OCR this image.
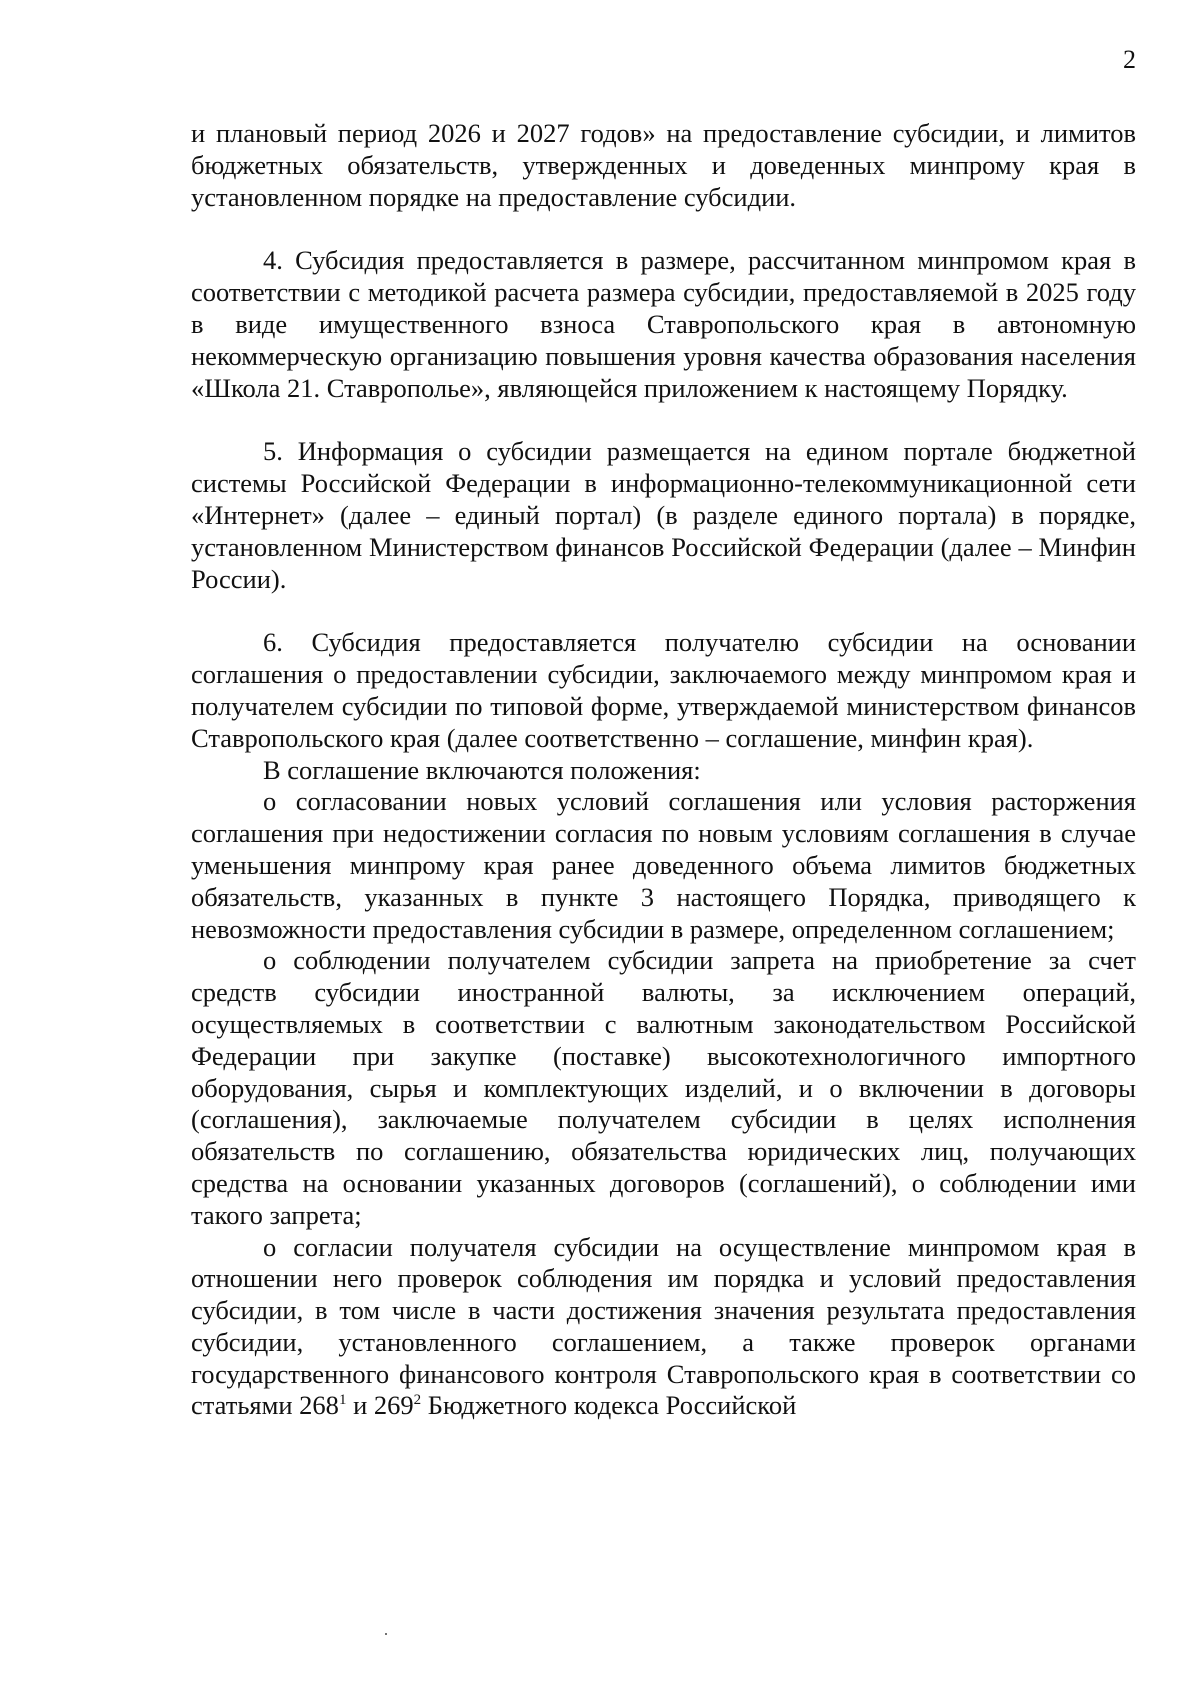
2

и плановый период 2026 и 2027 годов» на предоставление субсидии, и лимитов бюджетных обязательств, утвержденных и доведенных минпрому края в установленном порядке на предоставление субсидии.

4. Субсидия предоставляется в размере, рассчитанном минпромом края в соответствии с методикой расчета размера субсидии, предоставляемой в 2025 году в виде имущественного взноса Ставропольского края в автономную некоммерческую организацию повышения уровня качества образования населения «Школа 21. Ставрополье», являющейся приложением к настоящему Порядку.

5. Информация о субсидии размещается на едином портале бюджетной системы Российской Федерации в информационно-телекоммуникационной сети «Интернет» (далее – единый портал) (в разделе единого портала) в порядке, установленном Министерством финансов Российской Федерации (далее – Минфин России).

6. Субсидия предоставляется получателю субсидии на основании соглашения о предоставлении субсидии, заключаемого между минпромом края и получателем субсидии по типовой форме, утверждаемой министерством финансов Ставропольского края (далее соответственно – соглашение, минфин края).

В соглашение включаются положения:

о согласовании новых условий соглашения или условия расторжения соглашения при недостижении согласия по новым условиям соглашения в случае уменьшения минпрому края ранее доведенного объема лимитов бюджетных обязательств, указанных в пункте 3 настоящего Порядка, приводящего к невозможности предоставления субсидии в размере, определенном соглашением;

о соблюдении получателем субсидии запрета на приобретение за счет средств субсидии иностранной валюты, за исключением операций, осуществляемых в соответствии с валютным законодательством Российской Федерации при закупке (поставке) высокотехнологичного импортного оборудования, сырья и комплектующих изделий, и о включении в договоры (соглашения), заключаемые получателем субсидии в целях исполнения обязательств по соглашению, обязательства юридических лиц, получающих средства на основании указанных договоров (соглашений), о соблюдении ими такого запрета;

о согласии получателя субсидии на осуществление минпромом края в отношении него проверок соблюдения им порядка и условий предоставления субсидии, в том числе в части достижения значения результата предоставления субсидии, установленного соглашением, а также проверок органами государственного финансового контроля Ставропольского края в соответствии со статьями $268^1$ и $269^2$ Бюджетного кодекса Российской
